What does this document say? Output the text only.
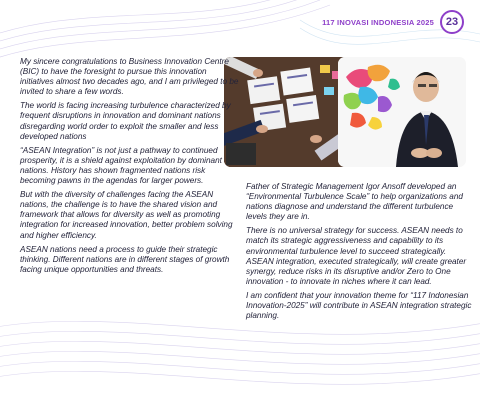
117 INOVASI INDONESIA 2025	23

My sincere congratulations to Business Innovation Centre (BIC) to have the foresight to pursue this innovation initiatives almost two decades ago, and I am privileged to be invited to share a few words.

The world is facing increasing turbulence characterized by frequent disruptions in innovation and dominant nations disregarding world order to exploit the smaller and less developed nations

“ASEAN Integration” is not just a pathway to continued prosperity, it is a shield against exploitation by dominant nations. History has shown fragmented nations risk becoming pawns in the agendas for larger powers.

But with the diversity of challenges facing the ASEAN nations, the challenge is to have the shared vision and framework that allows for diversity as well as promoting integration for increased innovation, better problem solving and higher efficiency.

ASEAN nations need a process to guide their strategic thinking. Different nations are in different stages of growth facing unique opportunities and threats.

Father of Strategic Management Igor Ansoff developed an “Environmental Turbulence Scale” to help organizations and nations diagnose and understand the different turbulence levels they are in.

There is no universal strategy for success. ASEAN needs to match its strategic aggressiveness and capability to its environmental turbulence level to succeed strategically. ASEAN integration, executed strategically, will create greater synergy, reduce risks in its disruptive and/or Zero to One innovation - to innovate in niches where it can lead.

I am confident that your innovation theme for “117 Indonesian Innovation-2025” will contribute in ASEAN integration strategic planning.
